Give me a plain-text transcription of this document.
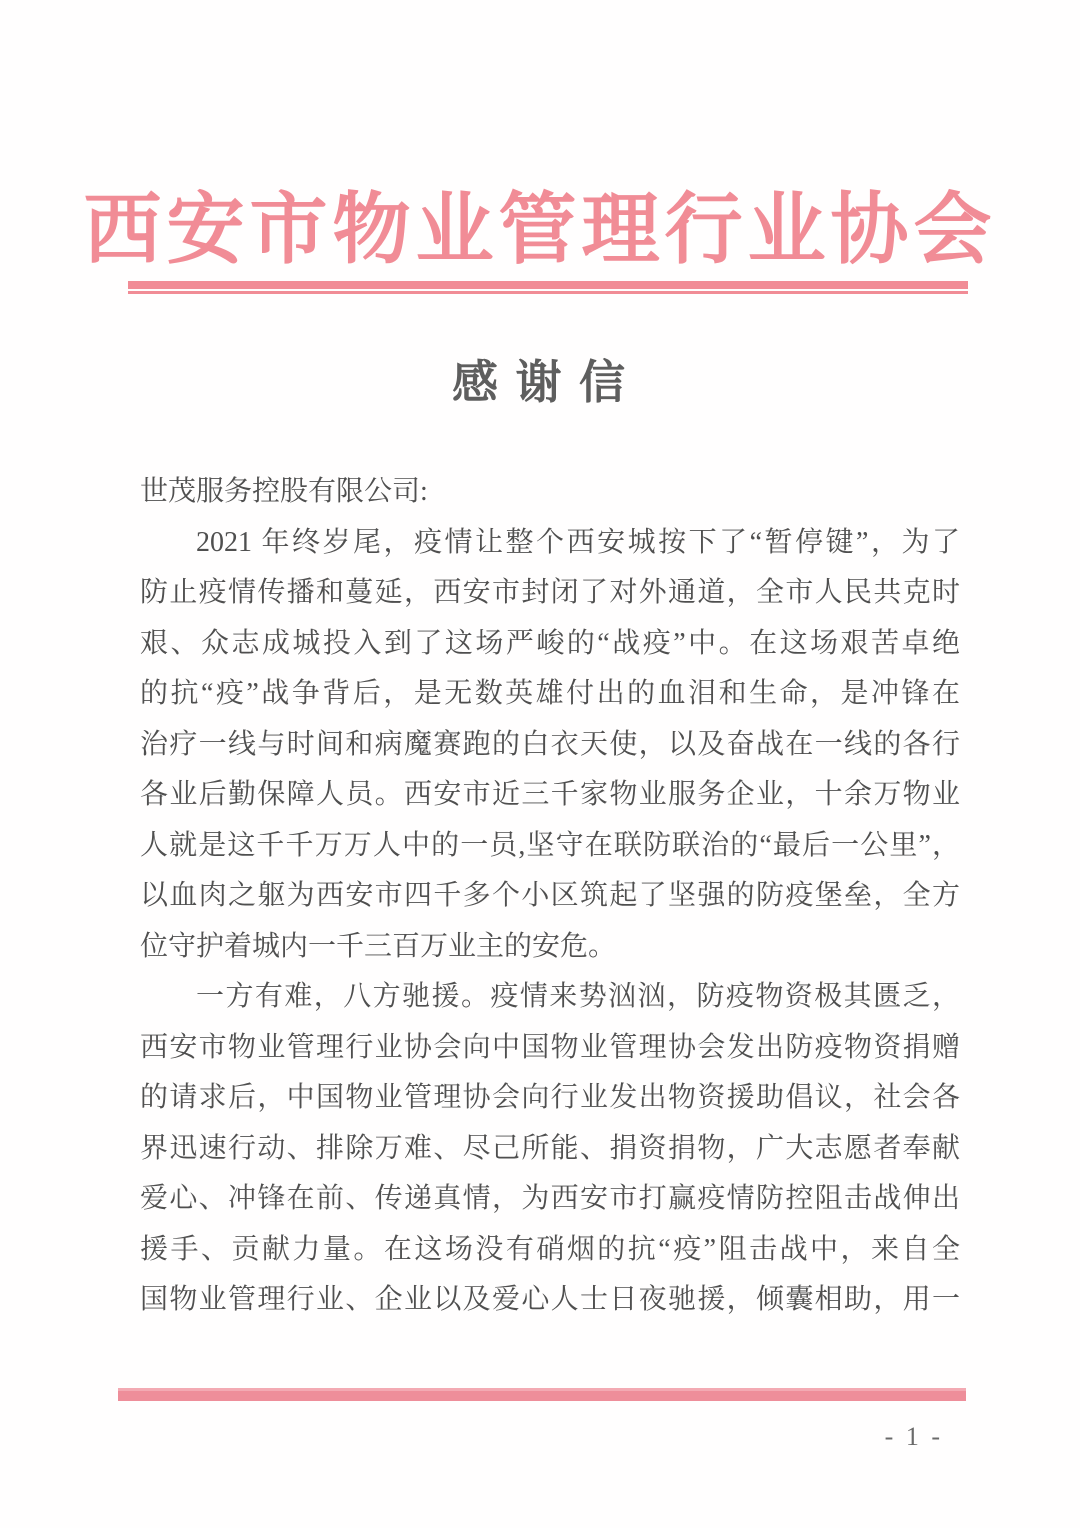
西安市物业管理行业协会
感 谢 信
世茂服务控股有限公司:
2021 年终岁尾，疫情让整个西安城按下了“暂停键”，为了
防止疫情传播和蔓延，西安市封闭了对外通道，全市人民共克时
艰、众志成城投入到了这场严峻的“战疫”中。在这场艰苦卓绝
的抗“疫”战争背后，是无数英雄付出的血泪和生命，是冲锋在
治疗一线与时间和病魔赛跑的白衣天使，以及奋战在一线的各行
各业后勤保障人员。西安市近三千家物业服务企业，十余万物业
人就是这千千万万人中的一员,坚守在联防联治的“最后一公里”，
以血肉之躯为西安市四千多个小区筑起了坚强的防疫堡垒，全方
位守护着城内一千三百万业主的安危。
一方有难，八方驰援。疫情来势汹汹，防疫物资极其匮乏，
西安市物业管理行业协会向中国物业管理协会发出防疫物资捐赠
的请求后，中国物业管理协会向行业发出物资援助倡议，社会各
界迅速行动、排除万难、尽己所能、捐资捐物，广大志愿者奉献
爱心、冲锋在前、传递真情，为西安市打赢疫情防控阻击战伸出
援手、贡献力量。在这场没有硝烟的抗“疫”阻击战中，来自全
国物业管理行业、企业以及爱心人士日夜驰援，倾囊相助，用一
- 1 -
